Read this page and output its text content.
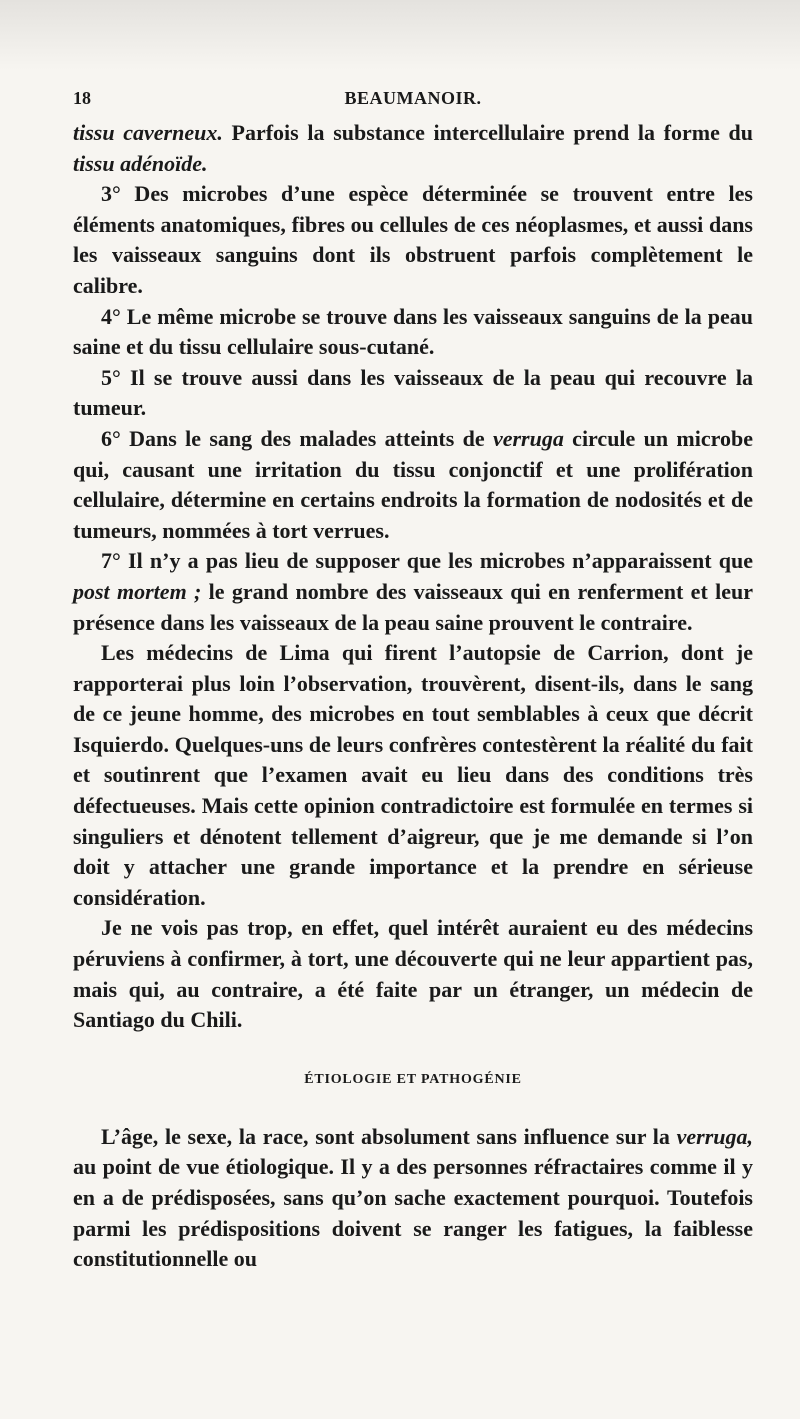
18	BEAUMANOIR.

tissu caverneux. Parfois la substance intercellulaire prend la forme du tissu adénoïde.

3° Des microbes d’une espèce déterminée se trouvent entre les éléments anatomiques, fibres ou cellules de ces néoplasmes, et aussi dans les vaisseaux sanguins dont ils obstruent parfois complètement le calibre.

4° Le même microbe se trouve dans les vaisseaux sanguins de la peau saine et du tissu cellulaire sous-cutané.

5° Il se trouve aussi dans les vaisseaux de la peau qui recouvre la tumeur.

6° Dans le sang des malades atteints de verruga circule un microbe qui, causant une irritation du tissu conjonctif et une prolifération cellulaire, détermine en certains endroits la formation de nodosités et de tumeurs, nommées à tort verrues.

7° Il n’y a pas lieu de supposer que les microbes n’apparaissent que post mortem ; le grand nombre des vaisseaux qui en renferment et leur présence dans les vaisseaux de la peau saine prouvent le contraire.

Les médecins de Lima qui firent l’autopsie de Carrion, dont je rapporterai plus loin l’observation, trouvèrent, disent-ils, dans le sang de ce jeune homme, des microbes en tout semblables à ceux que décrit Isquierdo. Quelques-uns de leurs confrères contestèrent la réalité du fait et soutinrent que l’examen avait eu lieu dans des conditions très défectueuses. Mais cette opinion contradictoire est formulée en termes si singuliers et dénotent tellement d’aigreur, que je me demande si l’on doit y attacher une grande importance et la prendre en sérieuse considération.

Je ne vois pas trop, en effet, quel intérêt auraient eu des médecins péruviens à confirmer, à tort, une découverte qui ne leur appartient pas, mais qui, au contraire, a été faite par un étranger, un médecin de Santiago du Chili.

ÉTIOLOGIE ET PATHOGÉNIE

L’âge, le sexe, la race, sont absolument sans influence sur la verruga, au point de vue étiologique. Il y a des personnes réfractaires comme il y en a de prédisposées, sans qu’on sache exactement pourquoi. Toutefois parmi les prédispositions doivent se ranger les fatigues, la faiblesse constitutionnelle ou
